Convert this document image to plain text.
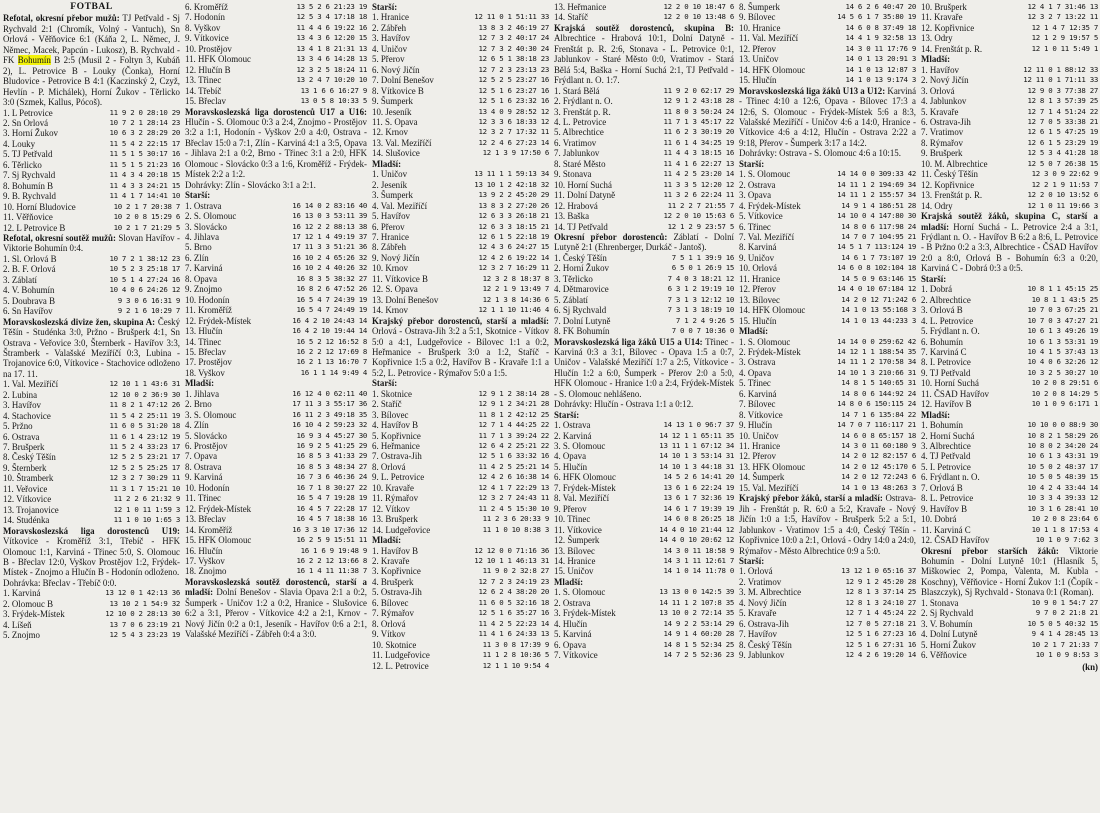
FOTBAL

Refotal, okresní přebor mužů: TJ Petřvald - Sj Rychvald 2:1 (Chromík, Volný - Vantuch), Sn Orlová - Věřňovice 6:1 (Káňa 2, L. Němec, J. Němec, Macek, Papcún - Lukosz), B. Rychvald - FK Bohumín B 2:5 (Musil 2 - Foltyn 3, Kubáň 2), L. Petrovice B - Louky (Čonka), Horní Bludovice - Petrovice B 4:1 (Kaczinský 2, Czyž, Hevlín - P. Michálek), Horní Žukov - Těrlicko 3:0 (Szmek, Kallus, Pócoš).

1. L Petrovice	11 9 2 0 28:10 29
2. Sn Orlová	10 7 2 1 28:14 23
3. Horní Žukov	10 6 3 2 28:29 20
4. Louky	11 5 4 2 22:15 17
5. TJ Petřvald	11 5 1 5 30:17 16
6. Těrlicko	11 5 1 5 21:23 16
7. Sj Rychvald	11 4 3 4 20:18 15
8. Bohumín B	11 4 3 3 24:21 15
9. B. Rychvald	11 4 1 7 14:41 10
10. Horní Bludovice	10 2 1 7 20:38 7
11. Věřňovice	10 2 0 8 15:29 6
12. L Petrovice B	10 2 1 7 21:29 5

Refotal, okresní soutěž mužů: Slovan Havířov - Viktorie Bohumín 0:4.

1. Sl. Orlová B	10 7 2 1 38:12 23
2. B. F. Orlová	10 5 2 3 25:18 17
3. Záblatí	10 5 1 4 27:24 16
4. V. Bohumín	10 4 0 6 24:26 12
5. Doubrava B	9 3 0 6 16:31 9
6. Sn Havířov	9 2 1 6 10:29 7

Moravskoslezská divize žen, skupina A: Český Těšín - Studénka 3:0, Pržno - Brušperk 4:1, Sn Ostrava - Veřovice 3:0, Šternberk - Havířov 3:3, Štramberk - Valašské Meziříčí 0:3, Lubina - Trojanovice 6:0, Vítkovice - Stachovice odloženo na 17. 11.

1. Val. Meziříčí	12 10 1 1 43:6 31
2. Lubina	12 10 0 2 36:9 30
3. Havířov	11 8 2 1 47:12 26
4. Stachovice	11 5 4 2 25:11 19
5. Pržno	11 6 0 5 31:20 18
6. Ostrava	11 6 1 4 23:12 19
7. Brušperk	11 5 2 4 33:23 17
8. Český Těšín	12 5 2 5 23:21 17
9. Šternberk	12 5 2 5 25:25 17
10. Štramberk	12 3 2 7 30:29 11
11. Veřovice	11 3 1 7 15:21 10
12. Vítkovice	11 2 2 6 21:32 9
13. Trojanovice	12 1 0 11 1:59 3
14. Studénka	11 1 0 10 1:65 3

Moravskoslezská liga dorostenců U19: Vítkovice - Kroměříž 3:1, Třebíč - HFK Olomouc 1:1, Karviná - Třinec 5:0, S. Olomouc B - Břeclav 12:0, Vyškov Prostějov 1:2, Frýdek-Místek - Znojmo a Hlučín B - Hodonín odloženo.

Dohrávka: Břeclav - Třebíč 0:0.

1. Karviná	13 12 0 1 42:13 36
2. Olomouc B	13 10 2 1 54:9 32
3. Frýdek-Místek	12 10 0 2 28:13 30
4. Líšeň	13 7 0 6 23:19 21
5. Znojmo	12 5 4 3 23:23 19
6. Kroměříž	13 5 2 6 21:23 19
7. Hodonín	12 5 3 4 17:18 18
8. Vyškov	11 4 4 6 19:22 16
9. Vítkovice	13 4 3 6 12:20 15
10. Prostějov	13 4 1 8 21:31 13
11. HFK Olomouc	13 3 4 6 14:28 13
12. Hlučín B	12 3 2 5 18:24 11
13. Třinec	13 2 4 7 10:20 10
14. Třebíč	13 1 6 6 16:27 9
15. Břeclav	13 0 5 8 10:33 5

Moravskoslezská liga dorostenců U17 a U16: Hlučín - S. Olomouc 0:3 a 2:4, Znojmo - Prostějov 3:2 a 1:1, Hodonín - Vyškov 2:0 a 4:0, Ostrava - Břeclav 15:0 a 7:1, Zlín - Karviná 4:1 a 3:5, Opava - Jihlava 2:1 a 0:2, Brno - Třinec 3:1 a 2:0, HFK Olomouc - Slovácko 0:3 a 1:6, Kroměříž - Frýdek-Místek 2:2 a 1:2.

Dohrávky: Zlín - Slovácko 3:1 a 2:1.

Starší:
1. Ostrava	16 14 0 2 83:16 40
2. S. Olomouc	16 13 0 3 53:11 39
3. Slovácko	16 12 2 2 88:13 38
4. Jihlava	17 12 1 4 49:19 37
5. Brno	17 11 3 3 51:21 36
6. Zlín	16 10 2 4 65:26 32
7. Karviná	16 10 2 4 40:26 32
8. Opava	16 8 3 5 38:32 27
9. Znojmo	16 8 2 6 47:52 26
10. Hodonín	16 5 4 7 24:39 19
11. Kroměříž	16 5 4 7 24:49 19
12. Frýdek-Místek	16 4 2 10 24:43 14
13. Hlučín	16 4 2 10 19:44 14
14. Třinec	16 5 2 12 16:52 8
15. Břeclav	16 2 2 12 17:69 8
17. Prostějov	16 2 1 13 16:70 7
18. Vyškov	16 1 1 14 9:49 4
Mladší:
1. Jihlava	16 12 4 0 62:11 40
2. Brno	17 11 3 3 55:17 36
3. S. Olomouc	16 11 2 3 49:18 35
4. Zlín	16 10 4 2 59:23 32
5. Slovácko	16 9 3 4 45:27 30
6. Prostějov	16 9 2 5 41:25 29
7. Opava	16 8 5 3 41:33 29
8. Ostrava	16 8 5 3 48:34 27
9. Karviná	16 7 3 6 46:36 24
10. Hodonín	16 7 1 8 30:27 22
11. Třinec	16 5 4 7 19:28 19
12. Frýdek-Místek	16 4 5 7 22:28 17
13. Břeclav	16 4 5 7 18:38 16
14. Kroměříž	16 3 3 10 17:36 12
15. HFK Olomouc	16 2 5 9 15:51 11
16. Hlučín	16 1 6 9 19:48 9
17. Vyškov	16 2 2 12 13:66 8
18. Znojmo	16 1 4 11 11:38 7

Moravskoslezská soutěž dorostenců, starší a mladší: Dolní Benešov - Slavia Opava 2:1 a 0:2, Šumperk - Uničov 1:2 a 0:2, Hranice - Slušovice 6:2 a 3:1, Přerov - Vítkovice 4:2 a 2:1, Krnov - Nový Jičín 0:2 a 0:1, Jeseník - Havířov 0:6 a 2:1, Valašské Meziříčí - Zábřeh 0:4 a 3:0.

Starší:
1. Hranice	12 11 0 1 51:11 33
2. Zábřeh	13 8 3 2 46:19 27
3. Havířov	12 7 3 2 40:17 24
4. Uničov	12 7 3 2 40:30 24
5. Přerov	12 6 5 1 38:18 23
6. Nový Jičín	12 7 2 3 23:13 23
7. Dolní Benešov	12 5 2 5 23:27 16
8. Vítkovice B	12 5 1 6 23:27 16
9. Šumperk	12 5 1 6 23:32 16
10. Jeseník	13 4 0 9 28:52 12
11. S. Opava	12 3 3 6 18:33 12
12. Krnov	12 3 2 7 17:32 11
13. Val. Meziříčí	12 2 4 6 27:23 14
14. Slušovice	12 1 3 9 17:50 6
Mladší:
1. Uničov	13 11 1 1 59:13 34
2. Jeseník	13 10 1 2 42:18 32
3. Šumperk	13 9 2 2 45:20 29
4. Val. Meziříčí	13 8 3 2 27:20 26
5. Havířov	12 6 3 3 26:18 21
6. Přerov	12 6 3 3 18:15 21
7. Hranice	12 6 1 5 22:18 19
8. Zábřeh	12 4 3 6 24:27 15
9. Nový Jičín	12 4 2 6 19:22 14
10. Krnov	12 3 2 7 16:29 11
11. Vítkovice B	12 3 2 8 18:37 8
12. S. Opava	12 2 1 9 13:49 7
13. Dolní Benešov	12 1 3 8 14:36 6
14. Krnov	12 1 1 10 11:46 4

Krajský přebor dorostenců, starší a mladší: Orlová - Ostrava-Jih 3:2 a 5:1, Skotnice - Vítkov 5:0 a 4:1, Ludgeřovice - Bílovec 1:1 a 0:2, Heřmanice - Brušperk 3:0 a 1:2, Staříč - Kopřivnice 1:5 a 0:2, Havířov B - Kravaře 1:1 a 5:2, L. Petrovice - Rýmařov 5:0 a 1:5.

Starší:
1. Skotnice	12 9 1 2 38:14 28
2. Staříč	12 9 1 2 34:21 28
3. Bílovec	11 8 1 2 42:12 25
4. Havířov B	12 7 1 4 44:25 22
5. Kopřivnice	11 7 1 3 39:24 22
6. Heřmanice	12 6 4 2 25:21 22
7. Ostrava-Jih	12 5 1 6 33:32 16
8. Orlová	11 4 2 5 25:21 14
9. L. Petrovice	12 4 2 6 16:38 14
10. Kravaře	12 4 1 7 22:29 13
11. Rýmařov	12 3 2 7 24:43 11
12. Vítkov	11 2 4 5 15:30 10
13. Brušperk	11 2 3 6 20:33 9
14. Ludgeřovice	11 1 0 10 8:38 3
Mladší:
1. Havířov B	12 12 0 0 71:16 36
2. Kravaře	12 10 1 1 46:13 31
3. Kopřivnice	11 9 0 2 32:8 27
4. Brušperk	12 7 2 3 24:19 23
5. Ostrava-Jih	12 6 2 4 38:20 20
6. Bílovec	11 6 0 5 32:16 18
7. Rýmařov	12 5 1 6 35:27 16
8. Orlová	11 4 2 5 22:23 14
9. Vítkov	11 4 1 6 24:33 13
10. Skotnice	11 3 0 8 17:39 9
11. Ludgeřovice	11 1 2 8 10:36 5
12. L. Petrovice	12 1 1 10 9:54 4
13. Heřmanice	12 2 0 10 18:47 6
14. Staříč	12 2 0 10 13:48 6

Krajská soutěž dorostenců, skupina B: Albrechtice - Hrabová 10:1, Dolní Datyně - Frenštát p. R. 2:6, Stonava - L. Petrovice 0:1, Jablunkov - Staré Město 0:0, Vratimov - Stará Bělá 5:4, Baška - Horní Suchá 2:1, TJ Petřvald - Frýdlant n. O. 1:7.

1. Stará Bělá	11 9 2 0 62:17 29
2. Frýdlant n. O.	12 9 1 2 43:18 28
3. Frenštát p. R.	11 8 0 3 50:24 24
4. L. Petrovice	11 7 1 3 45:17 22
5. Albrechtice	11 6 2 3 30:19 20
6. Vratimov	11 6 1 4 34:25 19
7. Jablunkov	11 4 4 3 18:15 16
8. Staré Město	11 4 1 6 22:27 13
9. Stonava	11 4 2 5 23:20 14
10. Horní Suchá	11 3 3 5 12:20 12
11. Dolní Datyně	11 3 2 6 22:24 11
12. Hrabová	11 2 2 7 21:55 7
13. Baška	12 2 0 10 15:63 6
14. TJ Petřvald	12 1 2 9 23:57 5

Okresní přebor dorostenců: Záblatí - Dolní Lutyně 2:1 (Ehrenberger, Durkáč - Jantoš).

1. Český Těšín	7 5 1 1 39:9 16
2. Horní Žukov	6 5 0 1 26:9 15
3. Těrlicko	7 4 0 3 18:21 12
4. Dětmarovice	6 3 1 2 19:19 10
5. Záblatí	7 3 1 3 12:12 10
6. Sj Rychvald	7 3 1 3 18:19 10
7. Dolní Lutyně	7 1 2 4 9:26 5
8. FK Bohumín	7 0 0 7 10:36 0

Moravskoslezská liga žáků U15 a U14: Třinec - Karviná 0:3 a 3:1, Bílovec - Opava 1:5 a 0:7, Uničov - Valašské Meziříčí 1:7 a 2:5, Vítkovice - Hlučín 1:2 a 6:0, Šumperk - Přerov 2:0 a 5:0, HFK Olomouc - Hranice 1:0 a 2:4, Frýdek-Místek - S. Olomouc nehlášeno.

Dohrávky: Hlučín - Ostrava 1:1 a 0:12.

Starší:
1. Ostrava	14 13 1 0 96:7 37
2. Karviná	14 12 1 1 65:11 35
3. S. Olomouc	13 11 1 1 67:12 34
4. Opava	14 10 1 3 53:14 31
5. Hlučín	14 10 1 3 44:18 31
6. HFK Olomouc	14 5 2 6 14:41 20
7. Frýdek-Místek	13 6 1 6 22:24 19
8. Val. Meziříčí	13 6 1 7 32:36 19
9. Přerov	14 6 1 7 19:39 19
10. Třinec	14 6 0 8 26:25 18
11. Vítkovice	14 4 0 10 21:44 12
12. Šumperk	14 4 0 10 20:62 12
13. Bílovec	14 3 0 11 18:58 9
14. Hranice	14 3 1 11 12:61 7
15. Uničov	14 1 0 14 11:78 0
Mladší:
1. S. Olomouc	13 13 0 0 142:5 39
2. Ostrava	14 11 1 2 107:8 35
3. Frýdek-Místek	13 10 0 2 72:14 35
4. Hlučín	14 9 2 2 53:14 29
5. Karviná	14 9 1 4 60:20 28
6. Opava	14 8 1 5 52:34 25
7. Vítkovice	14 7 2 5 52:36 23
8. Šumperk	14 6 2 6 40:47 20
9. Bílovec	14 5 6 1 7 35:80 19
10. Hranice	14 6 0 8 37:49 18
11. Val. Meziříčí	14 4 1 9 32:58 13
12. Přerov	14 3 0 11 17:76 9
13. Uničov	14 0 1 13 20:91 3
14. HFK Olomouc	14 1 0 13 12:87 3
15. Hlučín	14 1 0 13 9:174 3

Moravskoslezská liga žáků U13 a U12: Karviná - Třinec 4:10 a 12:6, Opava - Bílovec 17:3 a 12:6, S. Olomouc - Frýdek-Místek 5:6 a 8:3, Valašské Meziříčí - Uničov 4:6 a 14:0, Hranice - Vítkovice 4:6 a 4:12, Hlučín - Ostrava 2:22 a 9:18, Přerov - Šumperk 3:17 a 14:2.

Dohrávky: Ostrava - S. Olomouc 4:6 a 10:15.

Starší:
1. S. Olomouc	14 14 0 0 309:33 42
2. Ostrava	14 11 1 2 194:69 34
3. Opava	14 11 1 2 155:57 34
4. Frýdek-Místek	14 9 1 4 186:51 28
5. Vítkovice	14 10 0 4 147:80 30
6. Třinec	14 8 0 6 117:98 24
7. Val. Meziříčí	14 7 0 7 104:95 21
8. Karviná	14 5 1 7 113:124 19
9. Uničov	14 6 1 7 73:107 19
10. Orlová	14 6 0 8 102:104 18
11. Hranice	14 5 0 9 63:146 15
12. Přerov	14 4 0 10 67:184 12
13. Bílovec	14 2 0 12 71:242 6
14. HFK Olomouc	14 1 0 13 55:168 3
15. Hlučín	14 1 0 13 44:233 3
Mladší:
1. S. Olomouc	14 14 0 0 259:62 42
2. Frýdek-Místek	14 12 1 1 188:54 35
3. Ostrava	14 11 1 2 170:58 34
4. Opava	14 10 1 3 210:66 31
5. Třinec	14 8 1 5 140:65 31
6. Karviná	14 8 0 6 144:92 24
7. Bílovec	14 8 0 6 150:115 24
8. Vítkovice	14 7 1 6 135:84 22
9. Hlučín	14 7 0 7 116:117 21
10. Uničov	14 6 0 8 65:157 18
11. Hranice	14 3 0 11 60:180 9
12. Přerov	14 2 0 12 82:157 6
13. HFK Olomouc	14 2 0 12 45:170 6
14. Šumperk	14 2 0 12 72:243 6
15. Val. Meziříčí	14 1 0 13 48:263 3

Krajský přebor žáků, starší a mladší: Ostrava-Jih - Frenštát p. R. 6:0 a 5:2, Kravaře - Nový Jičín 1:0 a 1:5, Havířov - Brušperk 5:2 a 5:1, Jablunkov - Vratimov 1:5 a 4:0, Český Těšín - Kopřivnice 10:0 a 2:1, Orlová - Odry 14:0 a 24:0, Rýmařov - Město Albrechtice 0:9 a 5:0.

Starší:
1. Orlová	13 12 1 0 65:16 37
2. Vratimov	12 9 1 2 45:20 28
3. M. Albrechtice	12 8 1 3 37:14 25
4. Nový Jičín	12 8 1 3 24:10 27
5. Kravaře	12 7 1 4 45:24 22
6. Ostrava-Jih	12 7 0 5 27:18 21
7. Havířov	12 5 1 6 27:23 16
8. Český Těšín	12 5 1 6 27:31 16
9. Jablunkov	12 4 2 6 19:20 14
10. Brušperk	12 4 1 7 31:46 13
11. Kravaře	12 3 2 7 13:22 11
12. Kopřivnice	12 1 4 7 12:35 7
13. Odry	12 1 2 9 19:57 5
14. Frenštát p. R.	12 1 0 11 5:49 1
Mladší:
1. Havířov	12 11 0 1 88:12 33
2. Nový Jičín	12 11 0 1 71:11 33
3. Orlová	12 9 0 3 77:38 27
4. Jablunkov	12 8 1 3 57:39 25
5. Kravaře	12 7 1 4 51:24 22
6. Ostrava-Jih	12 7 0 5 33:38 21
7. Vratimov	12 6 1 5 47:25 19
8. Rýmařov	12 6 1 5 23:29 19
9. Brušperk	12 5 3 4 41:28 18
10. M. Albrechtice	12 5 0 7 26:38 15
11. Český Těšín	12 3 0 9 22:62 9
12. Kopřivnice	12 2 1 9 11:53 7
13. Frenštát p. R.	12 2 0 10 13:52 6
14. Odry	12 1 0 11 19:66 3

Krajská soutěž žáků, skupina C, starší a mladší: Horní Suchá - L. Petrovice 2:4 a 3:1, Frýdlant n. O. - Havířov B 6:2 a 8:6, L. Petrovice - B Pržno 0:2 a 3:3, Albrechtice - ČSAD Havířov 2:0 a 8:0, Orlová B - Bohumín 6:3 a 0:20, Karviná C - Dobrá 0:3 a 0:5.

Starší:
1. Dobrá	10 8 1 1 45:15 25
2. Albrechtice	10 8 1 1 43:5 25
3. Orlová B	10 7 0 3 67:25 21
4. L. Petrovice	10 7 0 3 47:27 21
5. Frýdlant n. O.	10 6 1 3 49:26 19
6. Bohumín	10 6 1 3 53:31 19
7. Karviná C	10 4 1 5 37:43 13
8. I. Petrovice	10 4 0 6 32:26 12
9. TJ Petřvald	10 3 2 5 30:27 10
10. Horní Suchá	10 2 0 8 29:51 6
11. ČSAD Havířov	10 2 0 8 14:29 5
12. Havířov B	10 1 0 9 6:171 1
Mladší:
1. Bohumín	10 10 0 0 88:9 30
2. Horní Suchá	10 8 2 1 58:29 26
3. Albrechtice	10 8 0 2 34:20 24
4. TJ Petřvald	10 6 1 3 43:31 19
5. I. Petrovice	10 5 0 2 48:37 17
6. Frýdlant n. O.	10 5 0 5 48:39 15
7. Orlová B	10 4 2 4 33:44 14
8. L. Petrovice	10 3 3 4 39:33 12
9. Havířov B	10 3 1 6 28:41 10
10. Dobrá	10 2 0 8 23:64 6
11. Karviná C	10 1 1 8 17:53 4
12. ČSAD Havířov	10 1 0 9 7:62 3

Okresní přebor starších žáků: Viktorie Bohumín - Dolní Lutyně 10:1 (Hlasník 5, Miškowiec 2, Pompa, Valenta, M. Kubla - Koschny), Věřňovice - Horní Žukov 1:1 (Čopík - Blaszczyk), Sj Rychvald - Stonava 0:1 (Roman).

1. Stonava	10 9 0 1 54:7 27
2. Sj Rychvald	9 7 0 2 21:8 21
3. V. Bohumín	10 5 0 5 40:32 15
4. Dolní Lutyně	9 4 1 4 28:45 13
5. Horní Žukov	10 2 1 7 21:33 7
6. Věřňovice	10 1 0 9 8:53 3
(kn)
